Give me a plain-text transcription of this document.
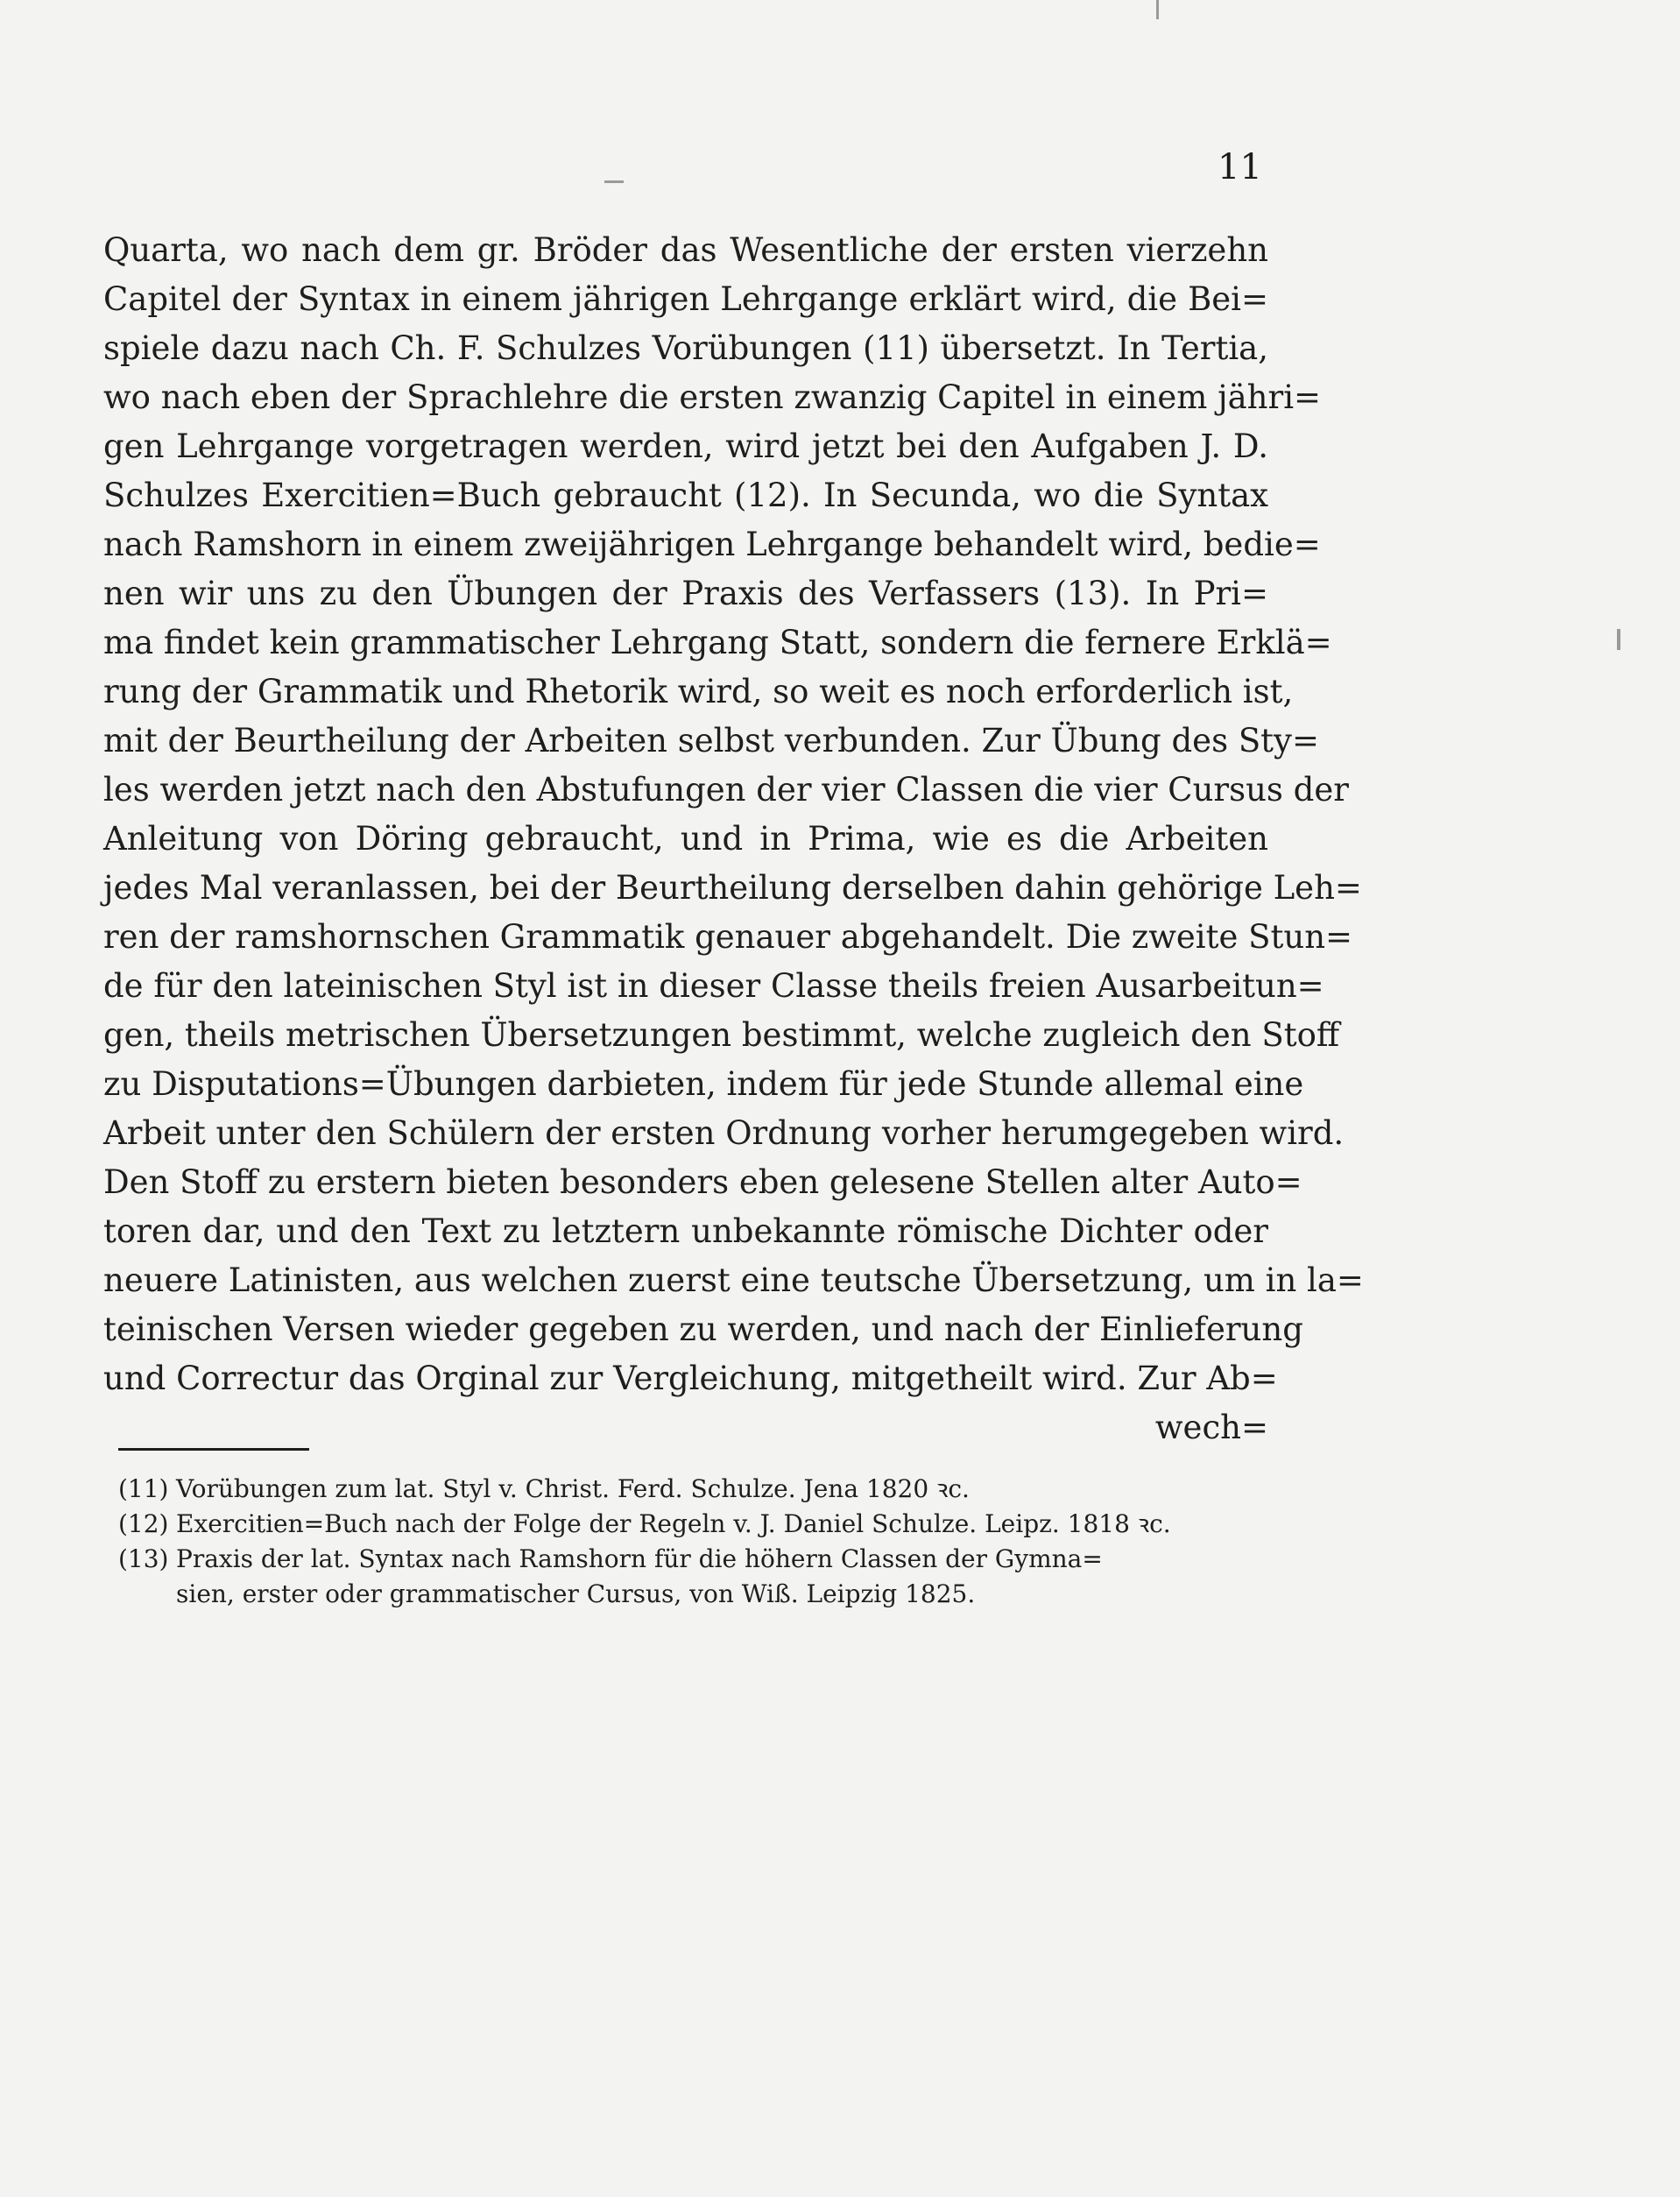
11
Quarta, wo nach dem gr. Bröder das Wesentliche der ersten vierzehn
Capitel der Syntax in einem jährigen Lehrgange erklärt wird, die Bei=
spiele dazu nach Ch. F. Schulzes Vorübungen (11) übersetzt. In Tertia,
wo nach eben der Sprachlehre die ersten zwanzig Capitel in einem jähri=
gen Lehrgange vorgetragen werden, wird jetzt bei den Aufgaben J. D.
Schulzes Exercitien=Buch gebraucht (12). In Secunda, wo die Syntax
nach Ramshorn in einem zweijährigen Lehrgange behandelt wird, bedie=
nen wir uns zu den Übungen der Praxis des Verfassers (13). In Pri=
ma findet kein grammatischer Lehrgang Statt, sondern die fernere Erklä=
rung der Grammatik und Rhetorik wird, so weit es noch erforderlich ist,
mit der Beurtheilung der Arbeiten selbst verbunden. Zur Übung des Sty=
les werden jetzt nach den Abstufungen der vier Classen die vier Cursus der
Anleitung von Döring gebraucht, und in Prima, wie es die Arbeiten
jedes Mal veranlassen, bei der Beurtheilung derselben dahin gehörige Leh=
ren der ramshornschen Grammatik genauer abgehandelt. Die zweite Stun=
de für den lateinischen Styl ist in dieser Classe theils freien Ausarbeitun=
gen, theils metrischen Übersetzungen bestimmt, welche zugleich den Stoff
zu Disputations=Übungen darbieten, indem für jede Stunde allemal eine
Arbeit unter den Schülern der ersten Ordnung vorher herumgegeben wird.
Den Stoff zu erstern bieten besonders eben gelesene Stellen alter Auto=
toren dar, und den Text zu letztern unbekannte römische Dichter oder
neuere Latinisten, aus welchen zuerst eine teutsche Übersetzung, um in la=
teinischen Versen wieder gegeben zu werden, und nach der Einlieferung
und Correctur das Orginal zur Vergleichung, mitgetheilt wird. Zur Ab=
wech=
(11) Vorübungen zum lat. Styl v. Christ. Ferd. Schulze. Jena 1820 ꝛc.
(12) Exercitien=Buch nach der Folge der Regeln v. J. Daniel Schulze. Leipz. 1818 ꝛc.
(13) Praxis der lat. Syntax nach Ramshorn für die höhern Classen der Gymna=
sien, erster oder grammatischer Cursus, von Wiß. Leipzig 1825.
